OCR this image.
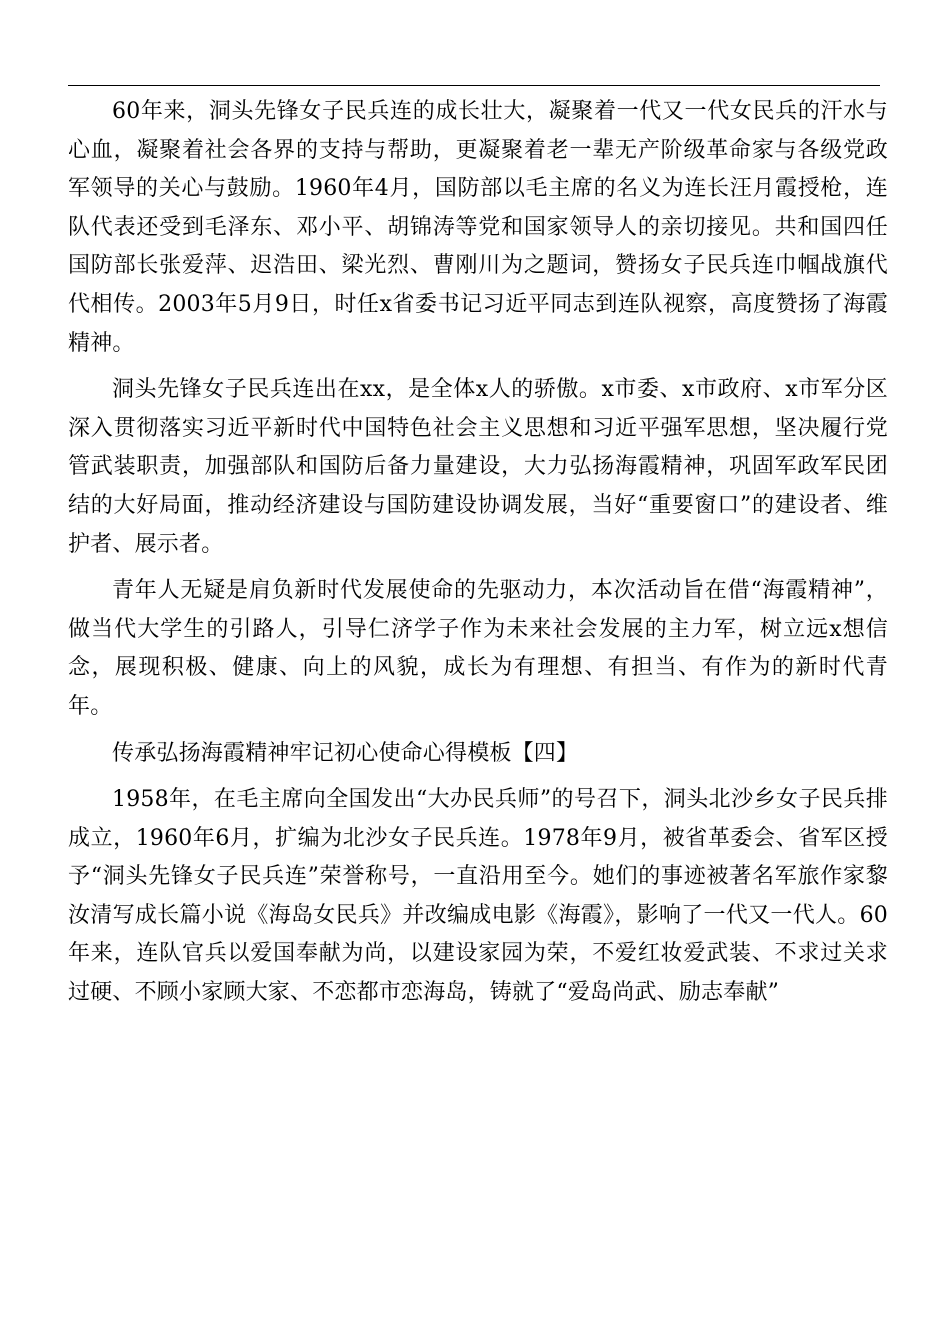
60年来，洞头先锋女子民兵连的成长壮大，凝聚着一代又一代女民兵的汗水与心血，凝聚着社会各界的支持与帮助，更凝聚着老一辈无产阶级革命家与各级党政军领导的关心与鼓励。1960年4月，国防部以毛主席的名义为连长汪月霞授枪，连队代表还受到毛泽东、邓小平、胡锦涛等党和国家领导人的亲切接见。共和国四任国防部长张爱萍、迟浩田、梁光烈、曹刚川为之题词，赞扬女子民兵连巾帼战旗代代相传。2003年5月9日，时任x省委书记习近平同志到连队视察，高度赞扬了海霞精神。

洞头先锋女子民兵连出在xx，是全体x人的骄傲。x市委、x市政府、x市军分区深入贯彻落实习近平新时代中国特色社会主义思想和习近平强军思想，坚决履行党管武装职责，加强部队和国防后备力量建设，大力弘扬海霞精神，巩固军政军民团结的大好局面，推动经济建设与国防建设协调发展，当好“重要窗口”的建设者、维护者、展示者。

青年人无疑是肩负新时代发展使命的先驱动力，本次活动旨在借“海霞精神”，做当代大学生的引路人，引导仁济学子作为未来社会发展的主力军，树立远x想信念，展现积极、健康、向上的风貌，成长为有理想、有担当、有作为的新时代青年。

传承弘扬海霞精神牢记初心使命心得模板【四】

1958年，在毛主席向全国发出“大办民兵师”的号召下，洞头北沙乡女子民兵排成立，1960年6月，扩编为北沙女子民兵连。1978年9月，被省革委会、省军区授予“洞头先锋女子民兵连”荣誉称号，一直沿用至今。她们的事迹被著名军旅作家黎汝清写成长篇小说《海岛女民兵》并改编成电影《海霞》，影响了一代又一代人。60年来，连队官兵以爱国奉献为尚，以建设家园为荣，不爱红妆爱武装、不求过关求过硬、不顾小家顾大家、不恋都市恋海岛，铸就了“爱岛尚武、励志奉献”
